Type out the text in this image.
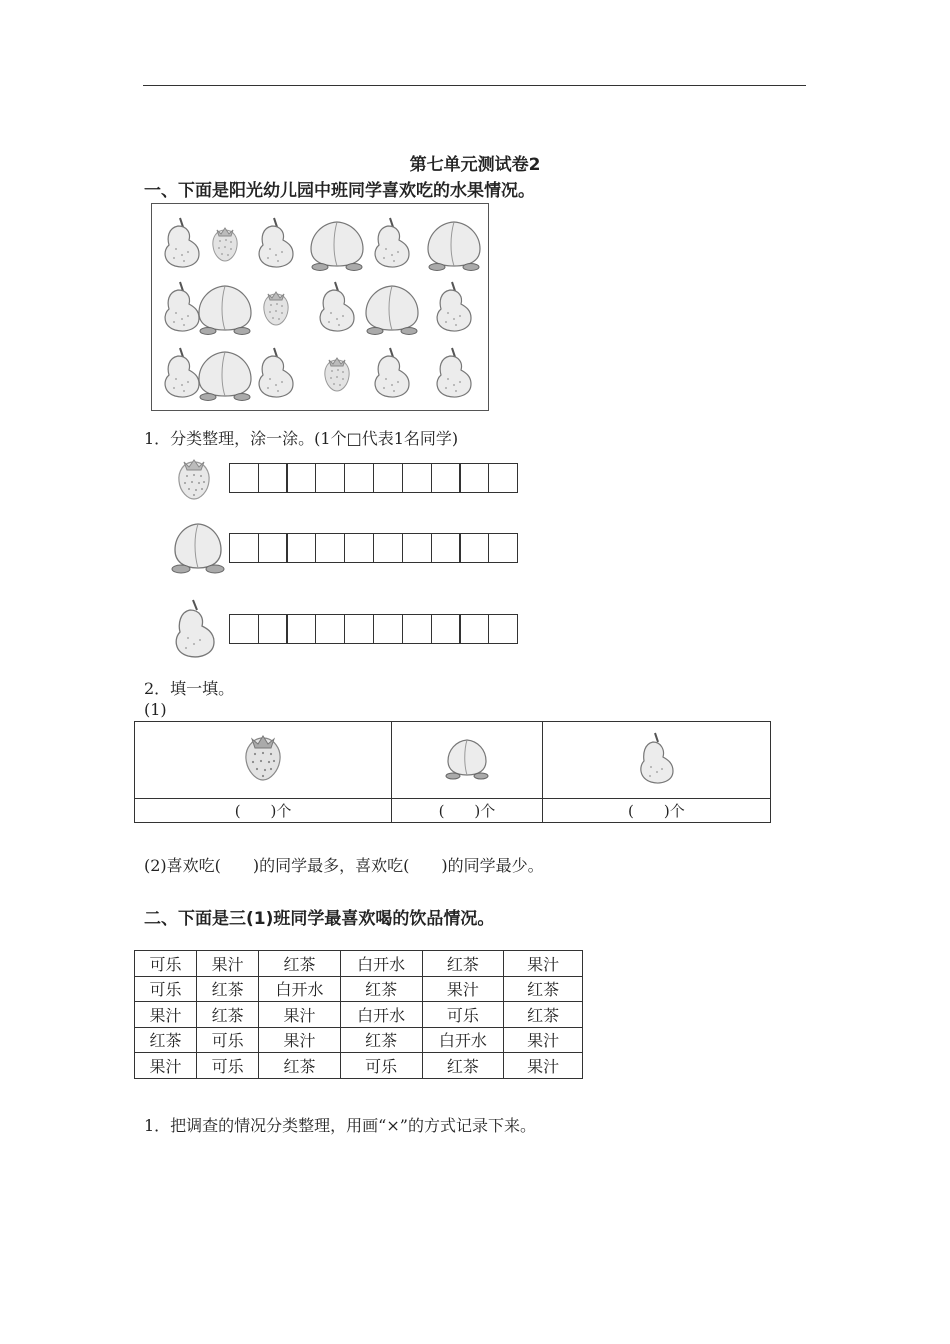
第七单元测试卷2
一、下面是阳光幼儿园中班同学喜欢吃的水果情况。
1．分类整理，涂一涂。(1个□代表1名同学)
2．填一填。
(1)

(　　)个	(　　)个	(　　)个
(2)喜欢吃(　　)的同学最多，喜欢吃(　　)的同学最少。
二、下面是三(1)班同学最喜欢喝的饮品情况。
可乐	果汁	红茶	白开水	红茶	果汁
可乐	红茶	白开水	红茶	果汁	红茶
果汁	红茶	果汁	白开水	可乐	红茶
红茶	可乐	果汁	红茶	白开水	果汁
果汁	可乐	红茶	可乐	红茶	果汁
1．把调查的情况分类整理，用画“×”的方式记录下来。
